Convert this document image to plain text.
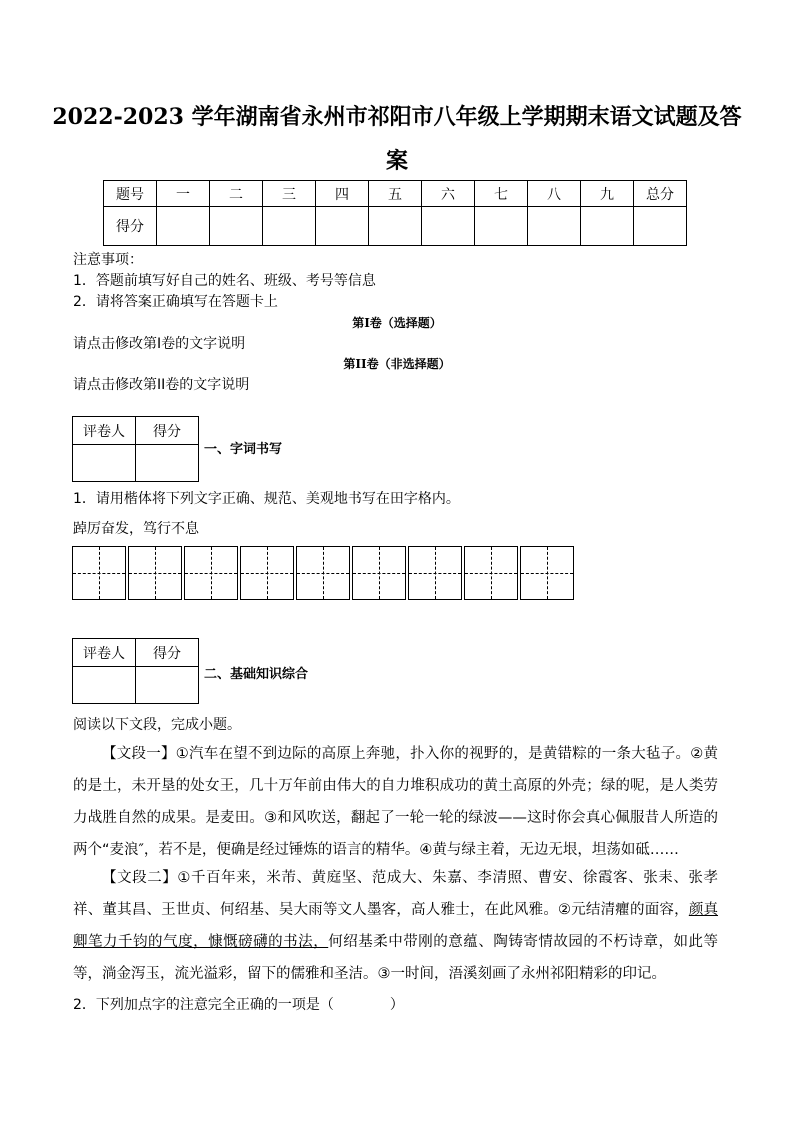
2022-2023 学年湖南省永州市祁阳市八年级上学期期末语文试题及答
案
题号	一	二	三	四	五	六	七	八	九	总分
得分										
注意事项：
1．答题前填写好自己的姓名、班级、考号等信息
2．请将答案正确填写在答题卡上
第I卷（选择题）
请点击修改第I卷的文字说明
第II卷（非选择题）
请点击修改第II卷的文字说明
评卷人	得分

一、字词书写
1．请用楷体将下列文字正确、规范、美观地书写在田字格内。
踔厉奋发，笃行不息
评卷人	得分

二、基础知识综合
阅读以下文段，完成小题。

【文段一】①汽车在望不到边际的高原上奔驰，扑入你的视野的，是黄错粽的一条大毡子。②黄的是土，未开垦的处女王，几十万年前由伟大的自力堆积成功的黄土高原的外壳；绿的呢，是人类劳力战胜自然的成果。是麦田。③和风吹送，翻起了一轮一轮的绿波——这时你会真心佩服昔人所造的两个“麦浪″，若不是，便确是经过锤炼的语言的精华。④黄与绿主着，无边无垠，坦荡如砥……

【文段二】①千百年来，米芾、黄庭坚、范成大、朱嘉、李清照、曹安、徐霞客、张耒、张孝祥、董其昌、王世贞、何绍基、吴大雨等文人墨客，高人雅士，在此风雅。②元结清癯的面容，颜真卿笔力千钧的气度，慷慨磅礴的书法，何绍基柔中带刚的意蕴、陶铸寄情故园的不朽诗章，如此等等，淌金泻玉，流光溢彩，留下的儒雅和圣洁。③一时间，浯溪刻画了永州祁阳精彩的印记。

2．下列加点字的注意完全正确的一项是（　　　　）
